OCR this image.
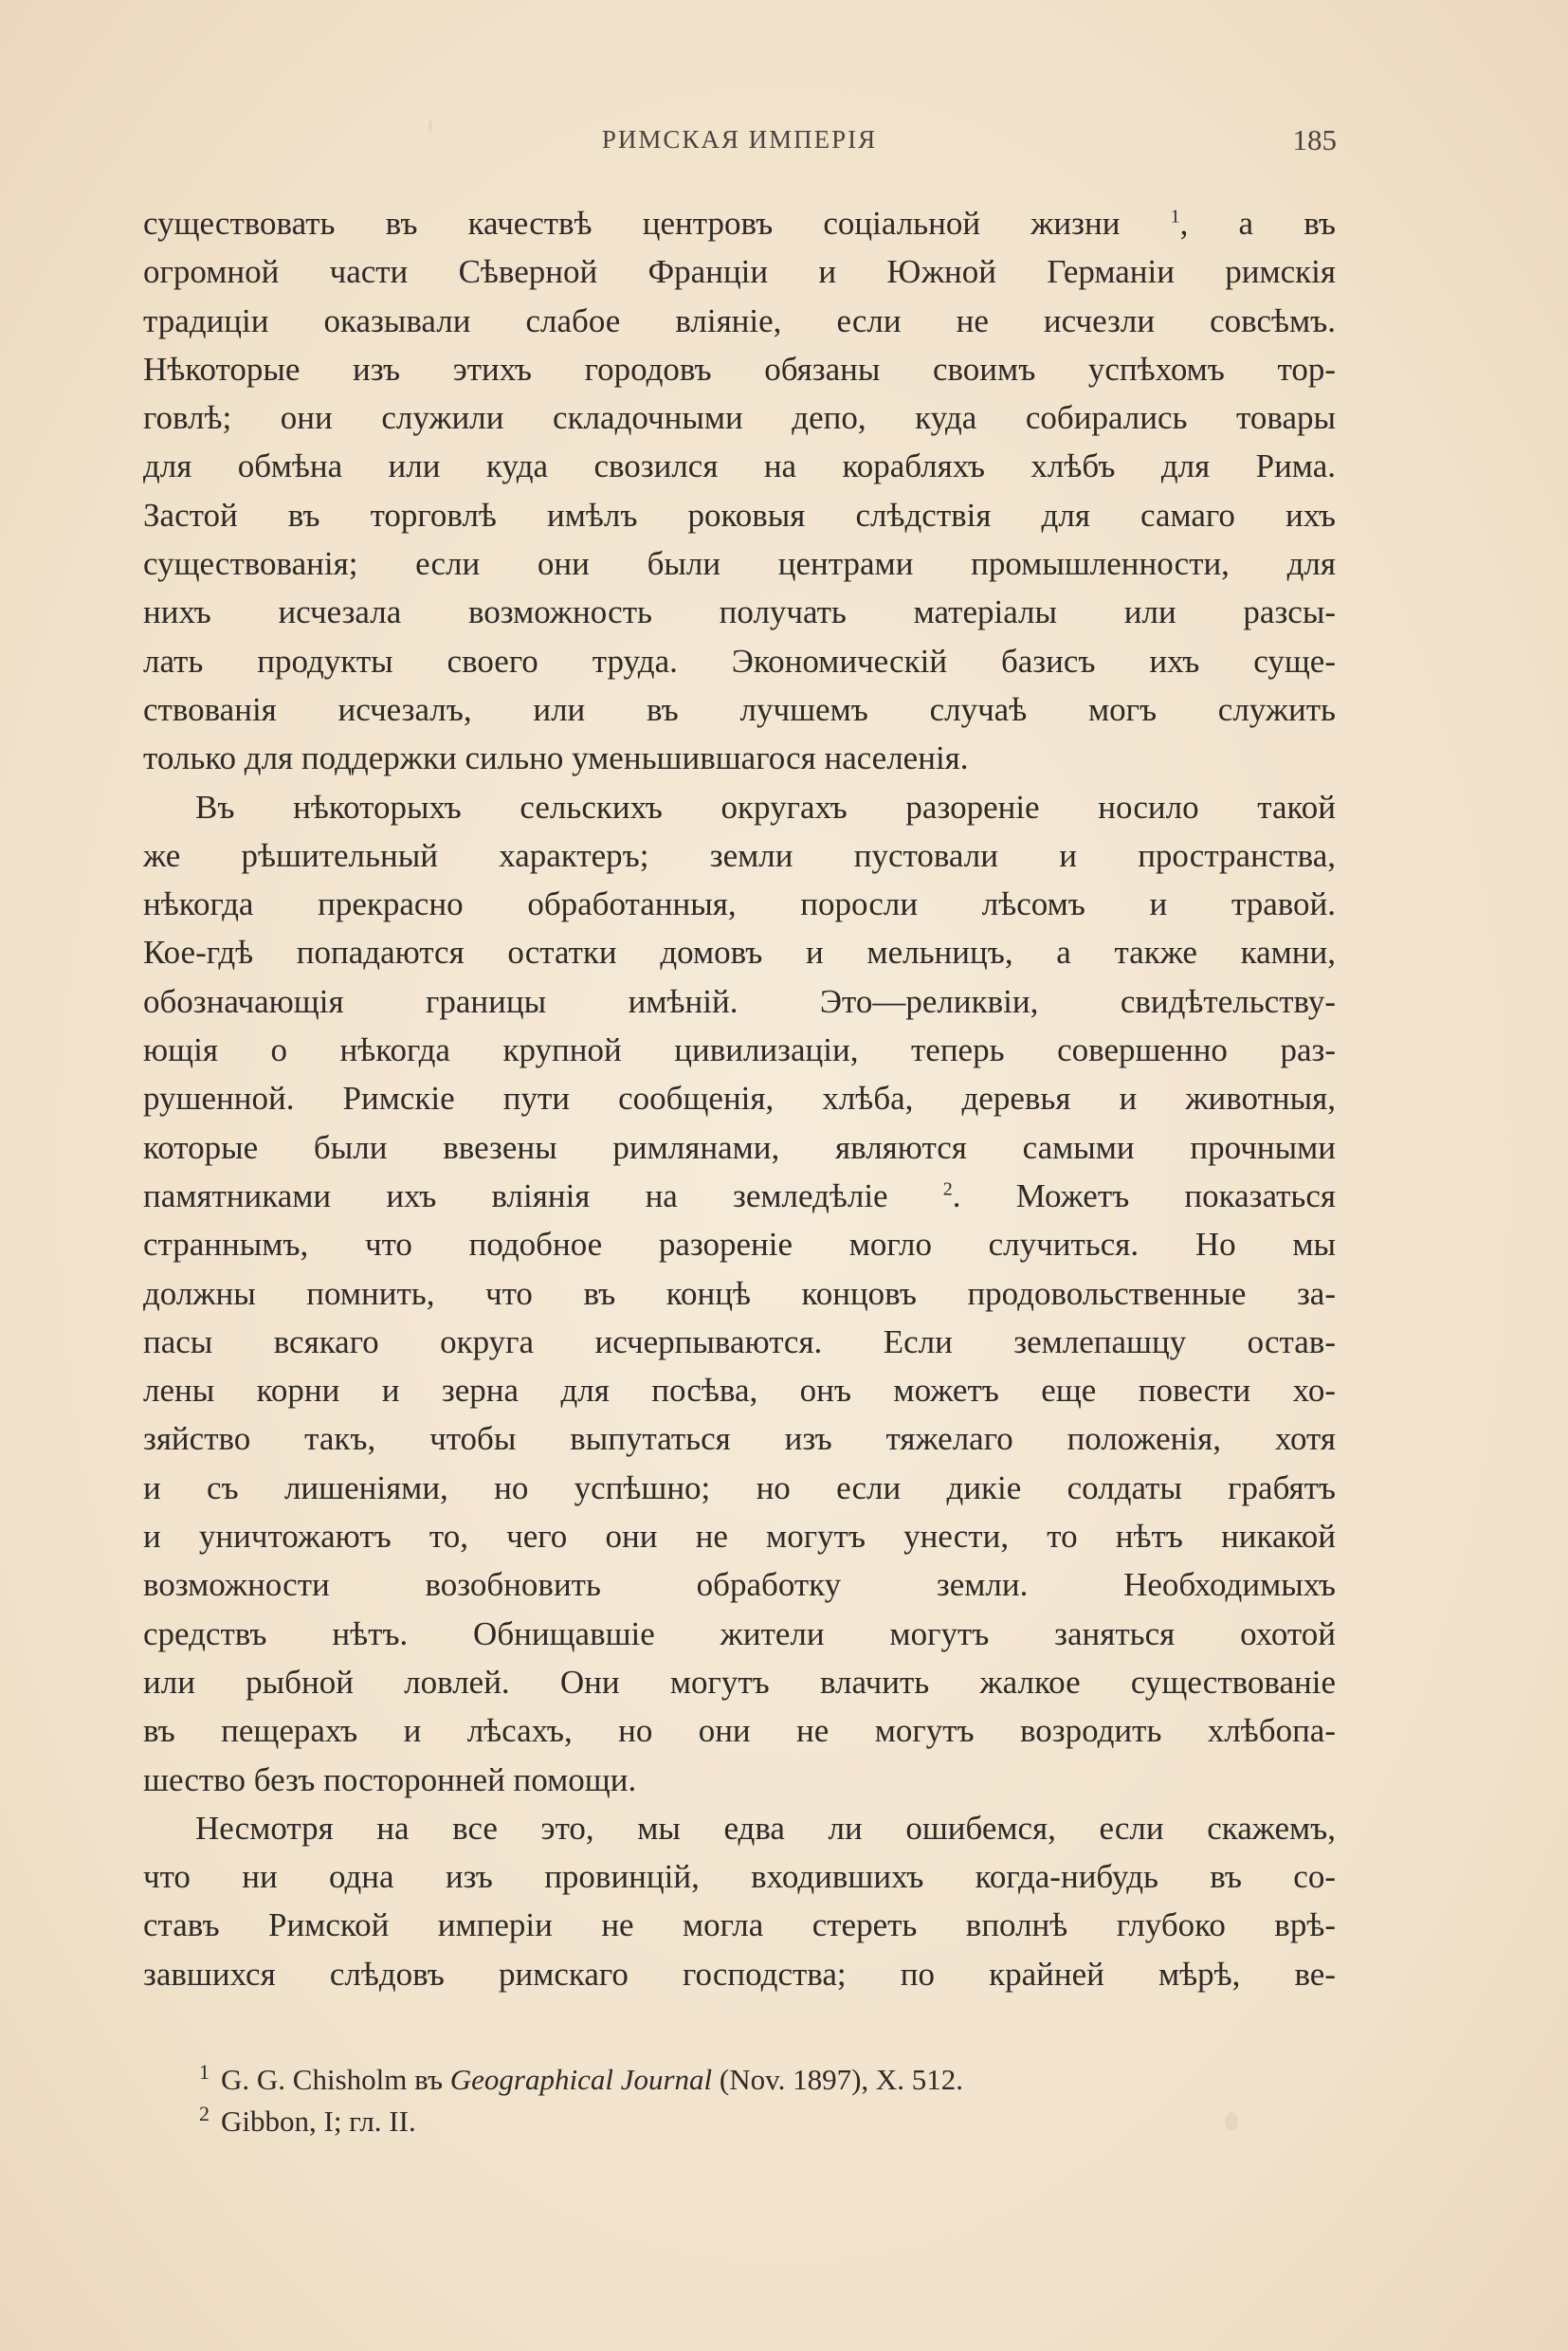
РИМСКАЯ ИМПЕРІЯ	185
существовать въ качествѣ центровъ соціальной жизни $^1$, а въ
огромной части Сѣверной Франціи и Южной Германіи римскія
традиціи оказывали слабое вліяніе, если не исчезли совсѣмъ.
Нѣкоторые изъ этихъ городовъ обязаны своимъ успѣхомъ тор-
говлѣ; они служили складочными депо, куда собирались товары
для обмѣна или куда свозился на корабляхъ хлѣбъ для Рима.
Застой въ торговлѣ имѣлъ роковыя слѣдствія для самаго ихъ
существованія; если они были центрами промышленности, для
нихъ исчезала возможность получать матеріалы или разсы-
лать продукты своего труда. Экономическій базисъ ихъ суще-
ствованія исчезалъ, или въ лучшемъ случаѣ могъ служить
только для поддержки сильно уменьшившагося населенія.
Въ нѣкоторыхъ сельскихъ округахъ разореніе носило такой
же рѣшительный характеръ; земли пустовали и пространства,
нѣкогда прекрасно обработанныя, поросли лѣсомъ и травой.
Кое-гдѣ попадаются остатки домовъ и мельницъ, а также камни,
обозначающія границы имѣній. Это—реликвіи, свидѣтельству-
ющія о нѣкогда крупной цивилизаціи, теперь совершенно раз-
рушенной. Римскіе пути сообщенія, хлѣба, деревья и животныя,
которые были ввезены римлянами, являются самыми прочными
памятниками ихъ вліянія на земледѣліе $^2$. Можетъ показаться
страннымъ, что подобное разореніе могло случиться. Но мы
должны помнить, что въ концѣ концовъ продовольственные за-
пасы всякаго округа исчерпываются. Если землепашцу остав-
лены корни и зерна для посѣва, онъ можетъ еще повести хо-
зяйство такъ, чтобы выпутаться изъ тяжелаго положенія, хотя
и съ лишеніями, но успѣшно; но если дикіе солдаты грабятъ
и уничтожаютъ то, чего они не могутъ унести, то нѣтъ никакой
возможности возобновить обработку земли. Необходимыхъ
средствъ нѣтъ. Обнищавшіе жители могутъ заняться охотой
или рыбной ловлей. Они могутъ влачить жалкое существованіе
въ пещерахъ и лѣсахъ, но они не могутъ возродить хлѣбопа-
шество безъ посторонней помощи.
Несмотря на все это, мы едва ли ошибемся, если скажемъ,
что ни одна изъ провинцій, входившихъ когда-нибудь въ со-
ставъ Римской имперіи не могла стереть вполнѣ глубоко врѣ-
завшихся слѣдовъ римскаго господства; по крайней мѣрѣ, ве-
$^1$ G. G. Chisholm въ Geographical Journal (Nov. 1897), X. 512.
$^2$ Gibbon, I; гл. II.
